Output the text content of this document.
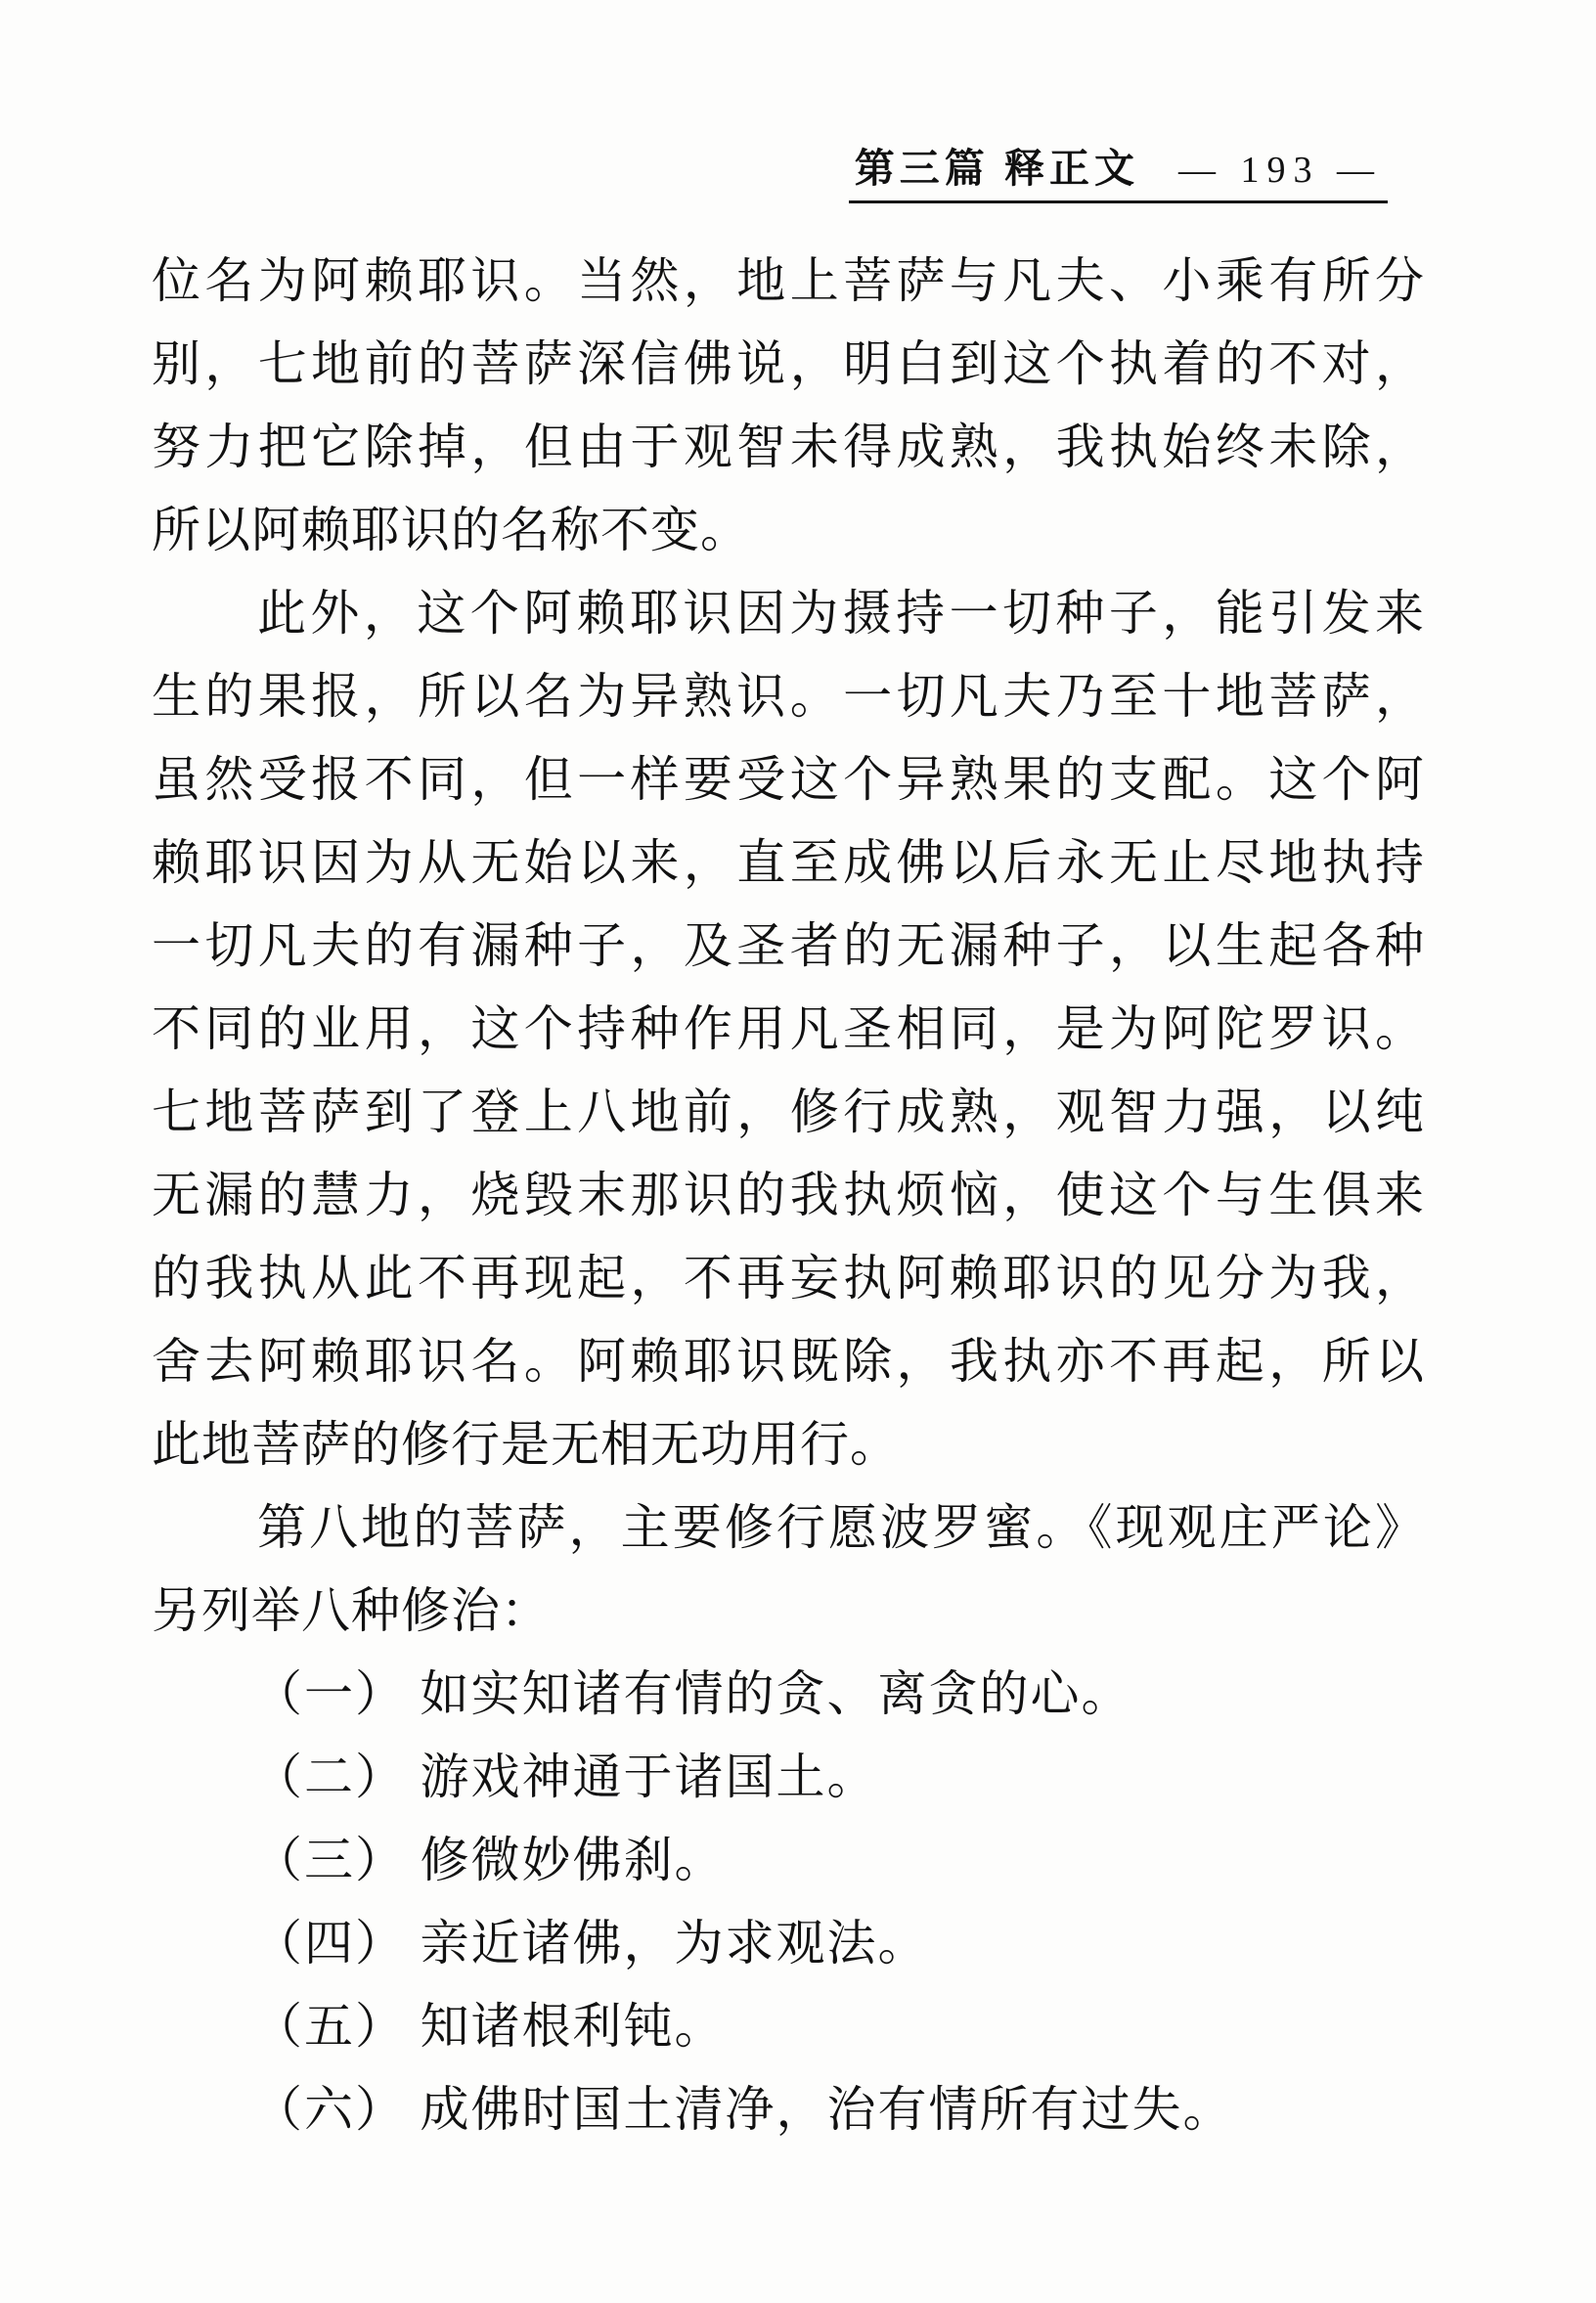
第三篇 释正文 — 193 —
位名为阿赖耶识。当然，地上菩萨与凡夫、小乘有所分
别，七地前的菩萨深信佛说，明白到这个执着的不对，
努力把它除掉，但由于观智未得成熟，我执始终未除，
所以阿赖耶识的名称不变。
此外，这个阿赖耶识因为摄持一切种子，能引发来
生的果报，所以名为异熟识。一切凡夫乃至十地菩萨，
虽然受报不同，但一样要受这个异熟果的支配。这个阿
赖耶识因为从无始以来，直至成佛以后永无止尽地执持
一切凡夫的有漏种子，及圣者的无漏种子，以生起各种
不同的业用，这个持种作用凡圣相同，是为阿陀罗识。
七地菩萨到了登上八地前，修行成熟，观智力强，以纯
无漏的慧力，烧毁末那识的我执烦恼，使这个与生俱来
的我执从此不再现起，不再妄执阿赖耶识的见分为我，
舍去阿赖耶识名。阿赖耶识既除，我执亦不再起，所以
此地菩萨的修行是无相无功用行。
第八地的菩萨，主要修行愿波罗蜜。《现观庄严论》
另列举八种修治：
（一） 如实知诸有情的贪、离贪的心。
（二） 游戏神通于诸国土。
（三） 修微妙佛刹。
（四） 亲近诸佛，为求观法。
（五） 知诸根利钝。
（六） 成佛时国土清净，治有情所有过失。
